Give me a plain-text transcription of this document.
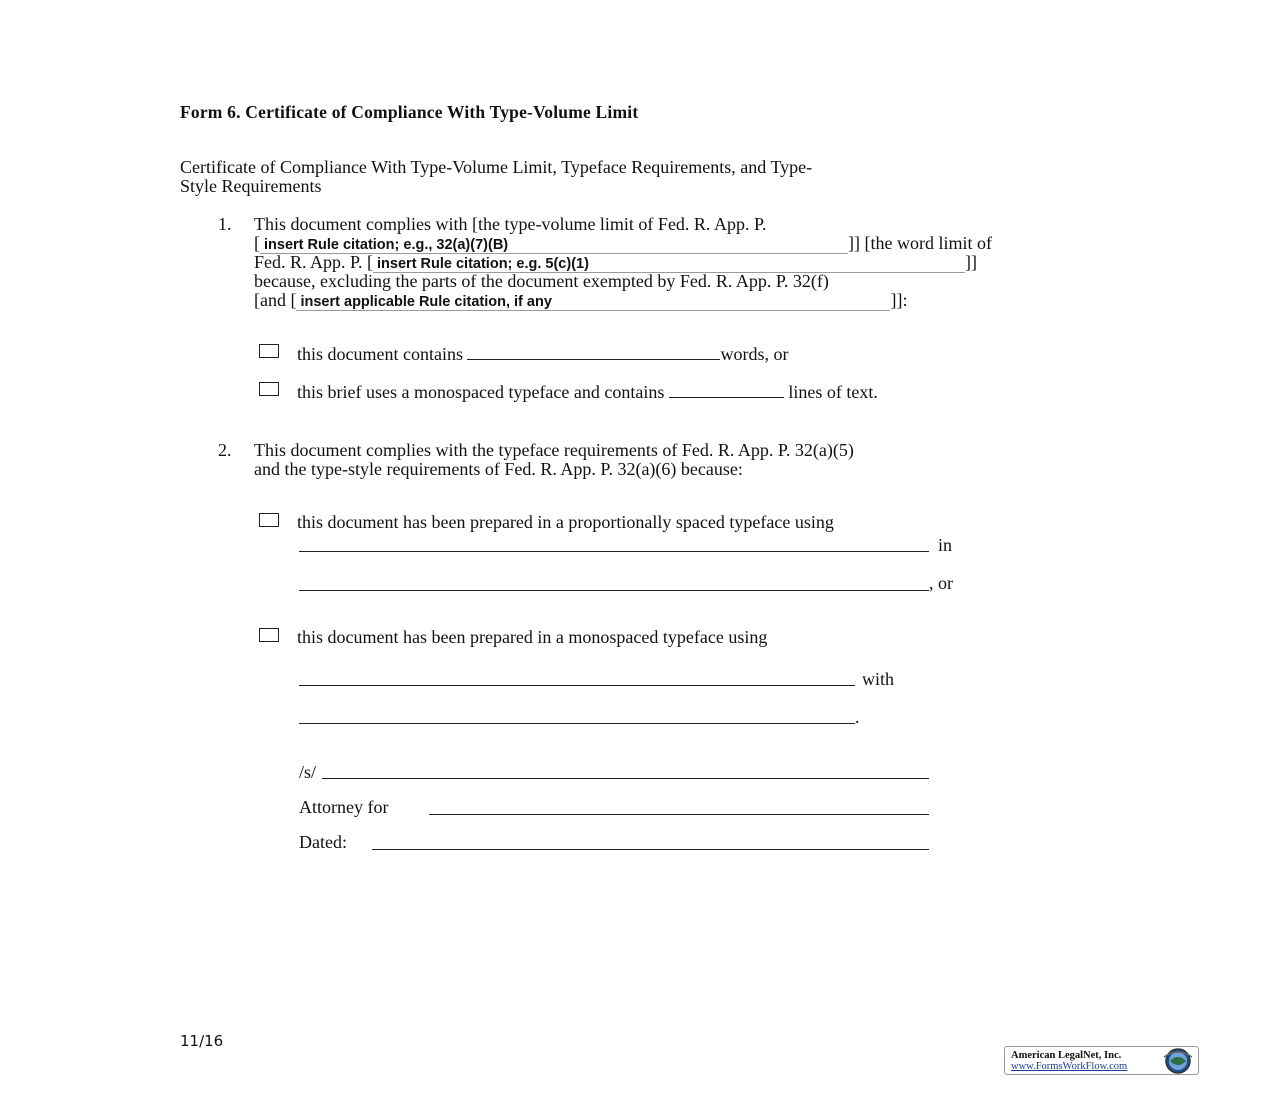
Form 6. Certificate of Compliance With Type-Volume Limit
Certificate of Compliance With Type-Volume Limit, Typeface Requirements, and Type-
Style Requirements
1. This document complies with [the type-volume limit of Fed. R. App. P.
[ insert Rule citation; e.g., 32(a)(7)(B)	]] [the word limit of
Fed. R. App. P. [ insert Rule citation; e.g. 5(c)(1)	]]
because, excluding the parts of the document exempted by Fed. R. App. P. 32(f)
[and [ insert applicable Rule citation, if any	]]:
this document contains	words, or
this brief uses a monospaced typeface and contains	lines of text.
2. This document complies with the typeface requirements of Fed. R. App. P. 32(a)(5)
and the type-style requirements of Fed. R. App. P. 32(a)(6) because:
this document has been prepared in a proportionally spaced typeface using
in
, or
this document has been prepared in a monospaced typeface using
with
.
/s/
Attorney for
Dated:
11/16
American LegalNet, Inc.
www.FormsWorkFlow.com
